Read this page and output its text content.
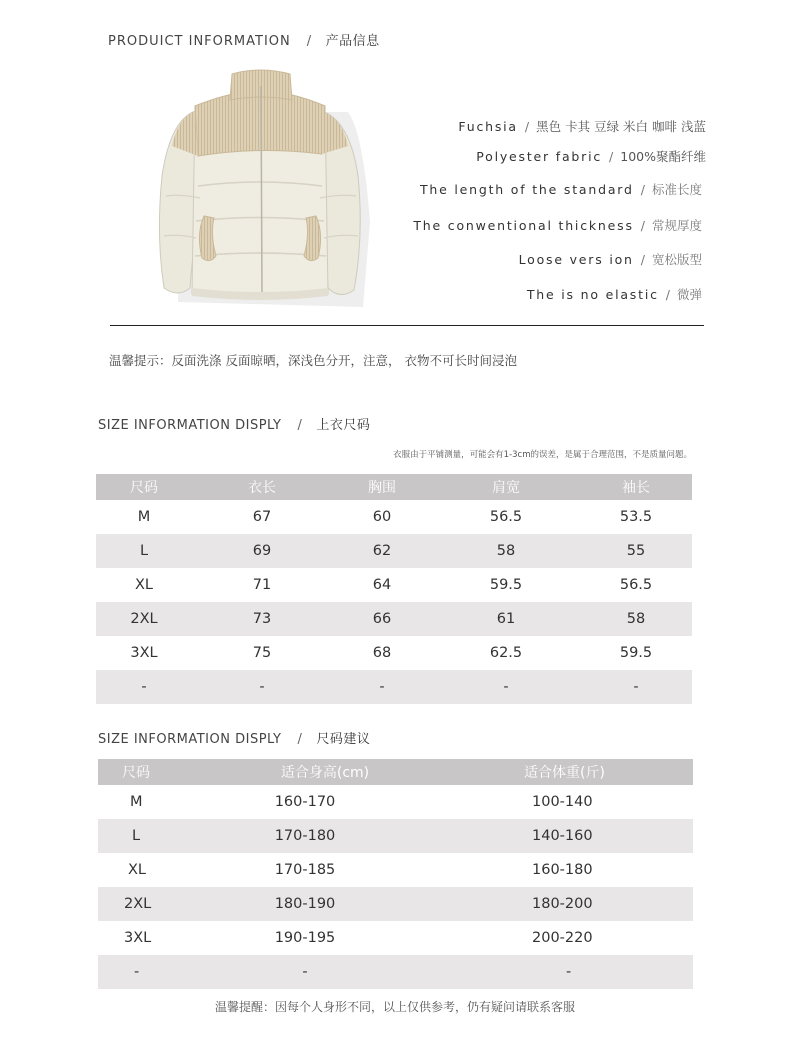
PRODUICT INFORMATION / 产品信息
Fuchsia / 黑色 卡其 豆绿 米白 咖啡 浅蓝
Polyester fabric / 100%聚酯纤维
The length of the standard / 标准长度
The conwentional thickness / 常规厚度
Loose vers ion / 宽松版型
The is no elastic / 微弹
温馨提示：反面洗涤 反面晾晒，深浅色分开，注意， 衣物不可长时间浸泡
SIZE INFORMATION DISPLY / 上衣尺码
衣服由于平铺测量，可能会有1-3cm的误差，是属于合理范围，不是质量问题。
尺码	衣长	胸围	肩宽	袖长
M	67	60	56.5	53.5
L	69	62	58	55
XL	71	64	59.5	56.5
2XL	73	66	61	58
3XL	75	68	62.5	59.5
-	-	-	-	-
SIZE INFORMATION DISPLY / 尺码建议
尺码	适合身高(cm)	适合体重(斤)
M	160-170	100-140
L	170-180	140-160
XL	170-185	160-180
2XL	180-190	180-200
3XL	190-195	200-220
-	-	-
温馨提醒：因每个人身形不同，以上仅供参考，仍有疑问请联系客服
